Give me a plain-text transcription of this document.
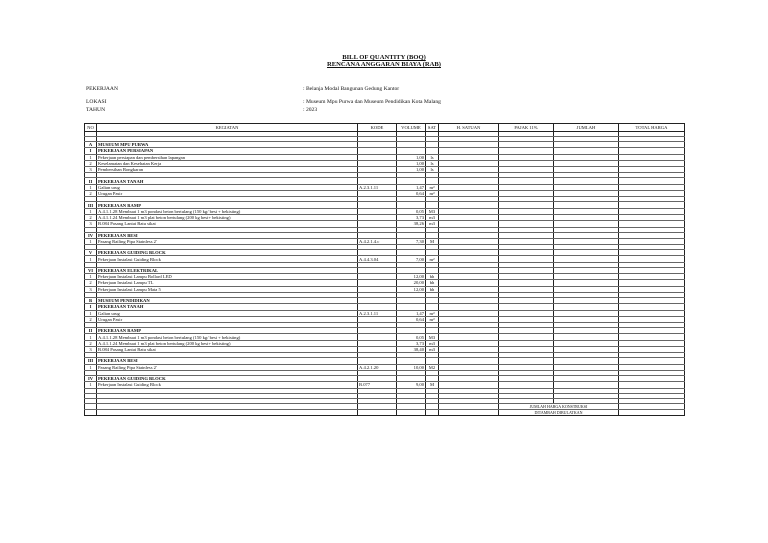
BILL OF QUANTITY (BOQ)
RENCANA ANGGARAN BIAYA (RAB)
PEKERJAAN	: Belanja Modal Bangunan Gedung Kantor
LOKASI	: Museum Mpu Purwa dan Museum Pendidikan Kota Malang
TAHUN	: 2023
NO	KEGIATAN	KODE	VOLUME	SAT	H. SATUAN	PAJAK 11%	JUMLAH	TOTAL HARGA

A	MUSEUM MPU PURWA							
I	PEKERJAAN PERSIAPAN							
1	Pekerjaan persiapan dan pembersihan lapangan		1,00	ls				
2	Keselamatan dan Kesehatan Kerja		1,00	ls				
3	Pembersihan Bongkaran		1,00	ls				

II	PEKERJAAN TANAH							
1	Galian urug	A.2.3.1.11	1,47	m³				
2	Urugan Pasir		0,64	m³				

III	PEKERJAAN RAMP							
1	A.4.1.1.28 Membuat 1 m3 pondasi beton bertulang (150 kg/ besi + bekisting)		0,05	M3				
2	A.4.1.1.24 Membuat 1 m3 plat beton bertulang (200 kg besi+ bekisting)		3,73	m3				
3	B.084 Pasang Lantai Batu sikat		38,26	m3				

IV	PEKERJAAN BESI							
1	Pasang Railing Pipa Stainless 2'	A.4.2.1.4.c	7,30	M				

V	PEKERJAAN GUIDING BLOCK							
1	Pekerjaan Instalasi Guiding Block	A.4.4.3.04	7,00	m²				

VI	PEKERJAAN ELEKTRIKAL							
1	Pekerjaan Instalasi Lampu Bollard LED		12,00	bh				
2	Pekerjaan Instalasi Lampu TL		20,00	bh				
3	Pekerjaan Instalasi Lampu Mata 5		12,00	bh				

B	MUSEUM PENDIDIKAN							
I	PEKERJAAN TANAH							
1	Galian urug	A.2.3.1.11	1,47	m³				
2	Urugan Pasir		0,64	m³				

II	PEKERJAAN RAMP							
1	A.4.1.1.28 Membuat 1 m3 pondasi beton bertulang (150 kg/ besi + bekisting)		0,05	M3				
2	A.4.1.1.24 Membuat 1 m3 plat beton bertulang (200 kg besi+ bekisting)		3,73	m3				
3	B.084 Pasang Lantai Batu sikat		38,40	m3				

III	PEKERJAAN BESI							
1	Pasang Railing Pipa Stainless 2'	A.4.2.1.20	10,00	M2				

IV	PEKERJAAN GUIDING BLOCK							
1	Pekerjaan Instalasi Guiding Block	B.077	9,00	M				

						JUMLAH HARGA KONSTRUKSI		
						DITAMBAH DIBULATKAN		
